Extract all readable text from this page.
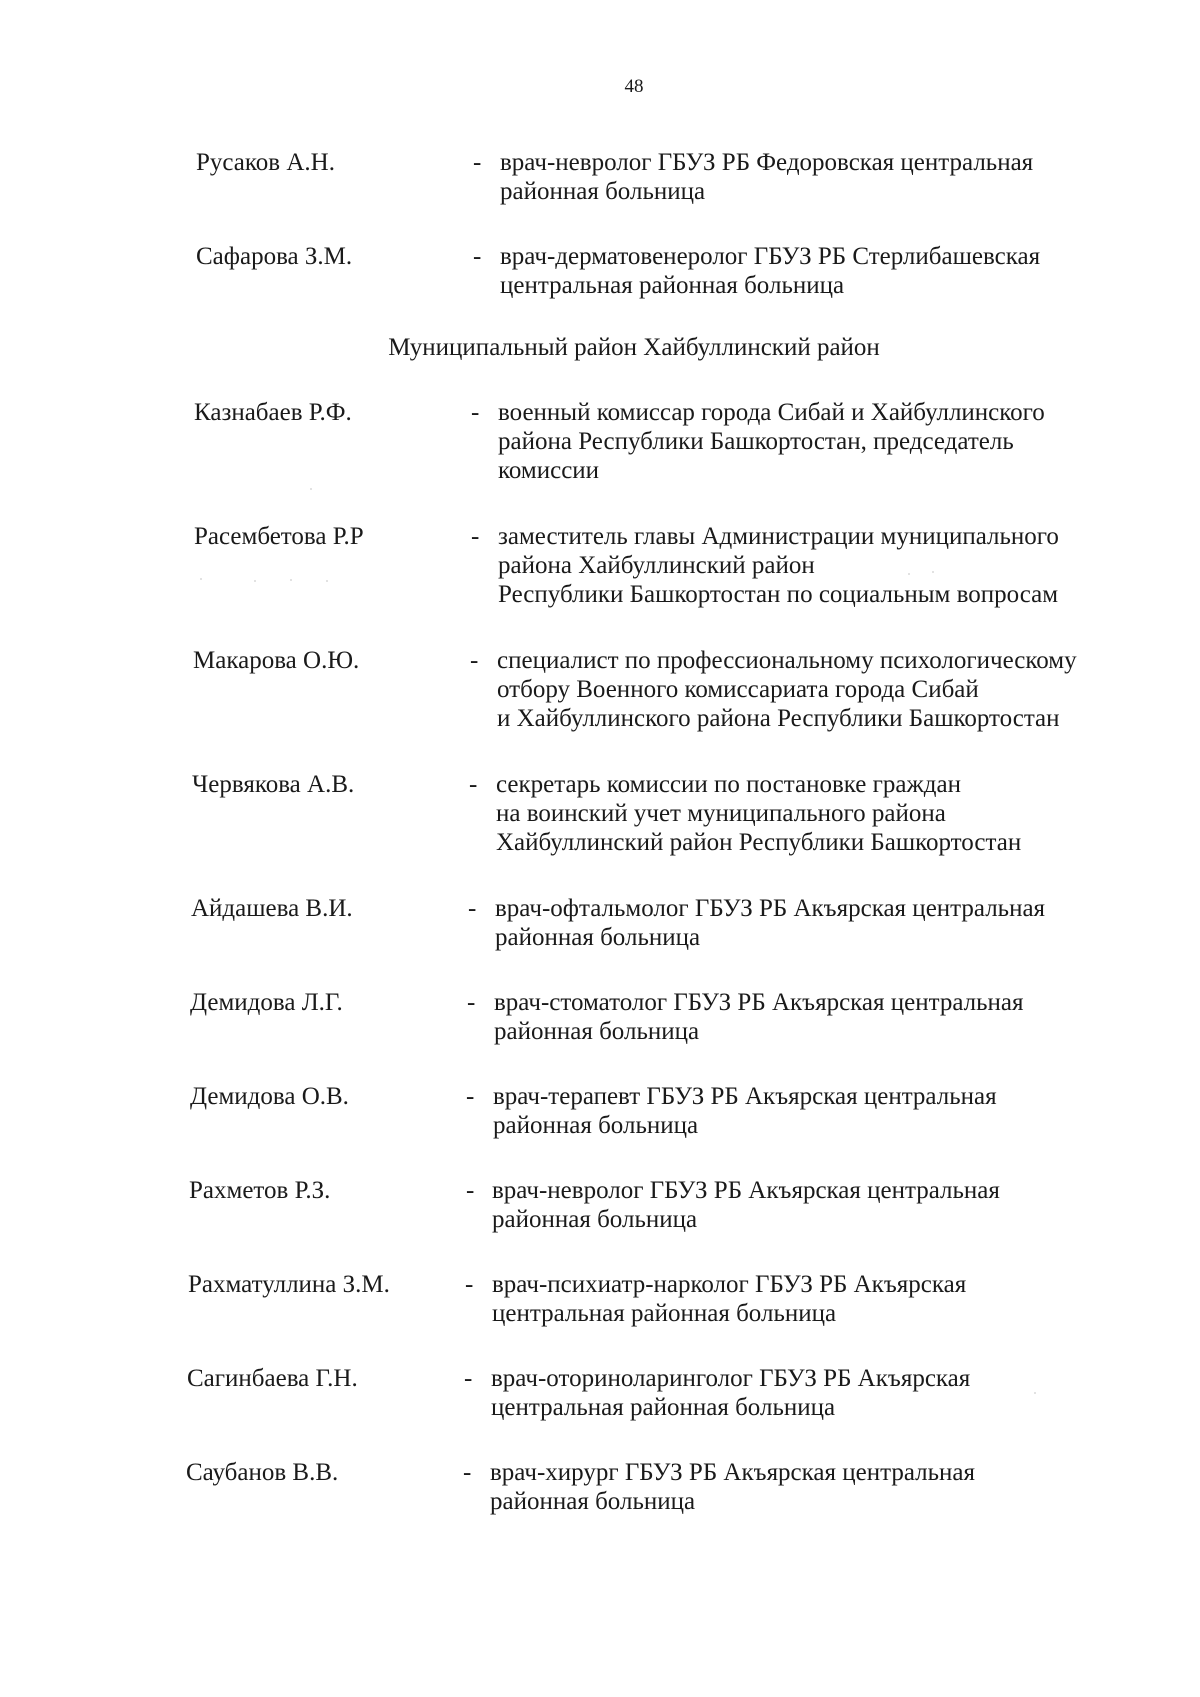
48
Русаков А.Н.	- врач-невролог ГБУЗ РБ Федоровская центральная
районная больница
Сафарова З.М.	- врач-дерматовенеролог ГБУЗ РБ Стерлибашевская
центральная районная больница
Муниципальный район Хайбуллинский район
Казнабаев Р.Ф.	- военный комиссар города Сибай и Хайбуллинского
района Республики Башкортостан, председатель
комиссии
Расембетова Р.Р	- заместитель главы Администрации муниципального
района Хайбуллинский район
Республики Башкортостан по социальным вопросам
Макарова О.Ю.	- специалист по профессиональному психологическому
отбору Военного комиссариата города Сибай
и Хайбуллинского района Республики Башкортостан
Червякова А.В.	- секретарь комиссии по постановке граждан
на воинский учет муниципального района
Хайбуллинский район Республики Башкортостан
Айдашева В.И.	- врач-офтальмолог ГБУЗ РБ Акъярская центральная
районная больница
Демидова Л.Г.	- врач-стоматолог ГБУЗ РБ Акъярская центральная
районная больница
Демидова О.В.	- врач-терапевт ГБУЗ РБ Акъярская центральная
районная больница
Рахметов Р.З.	- врач-невролог ГБУЗ РБ Акъярская центральная
районная больница
Рахматуллина З.М.	- врач-психиатр-нарколог ГБУЗ РБ Акъярская
центральная районная больница
Сагинбаева Г.Н.	- врач-оториноларинголог ГБУЗ РБ Акъярская
центральная районная больница
Саубанов В.В.	- врач-хирург ГБУЗ РБ Акъярская центральная
районная больница
